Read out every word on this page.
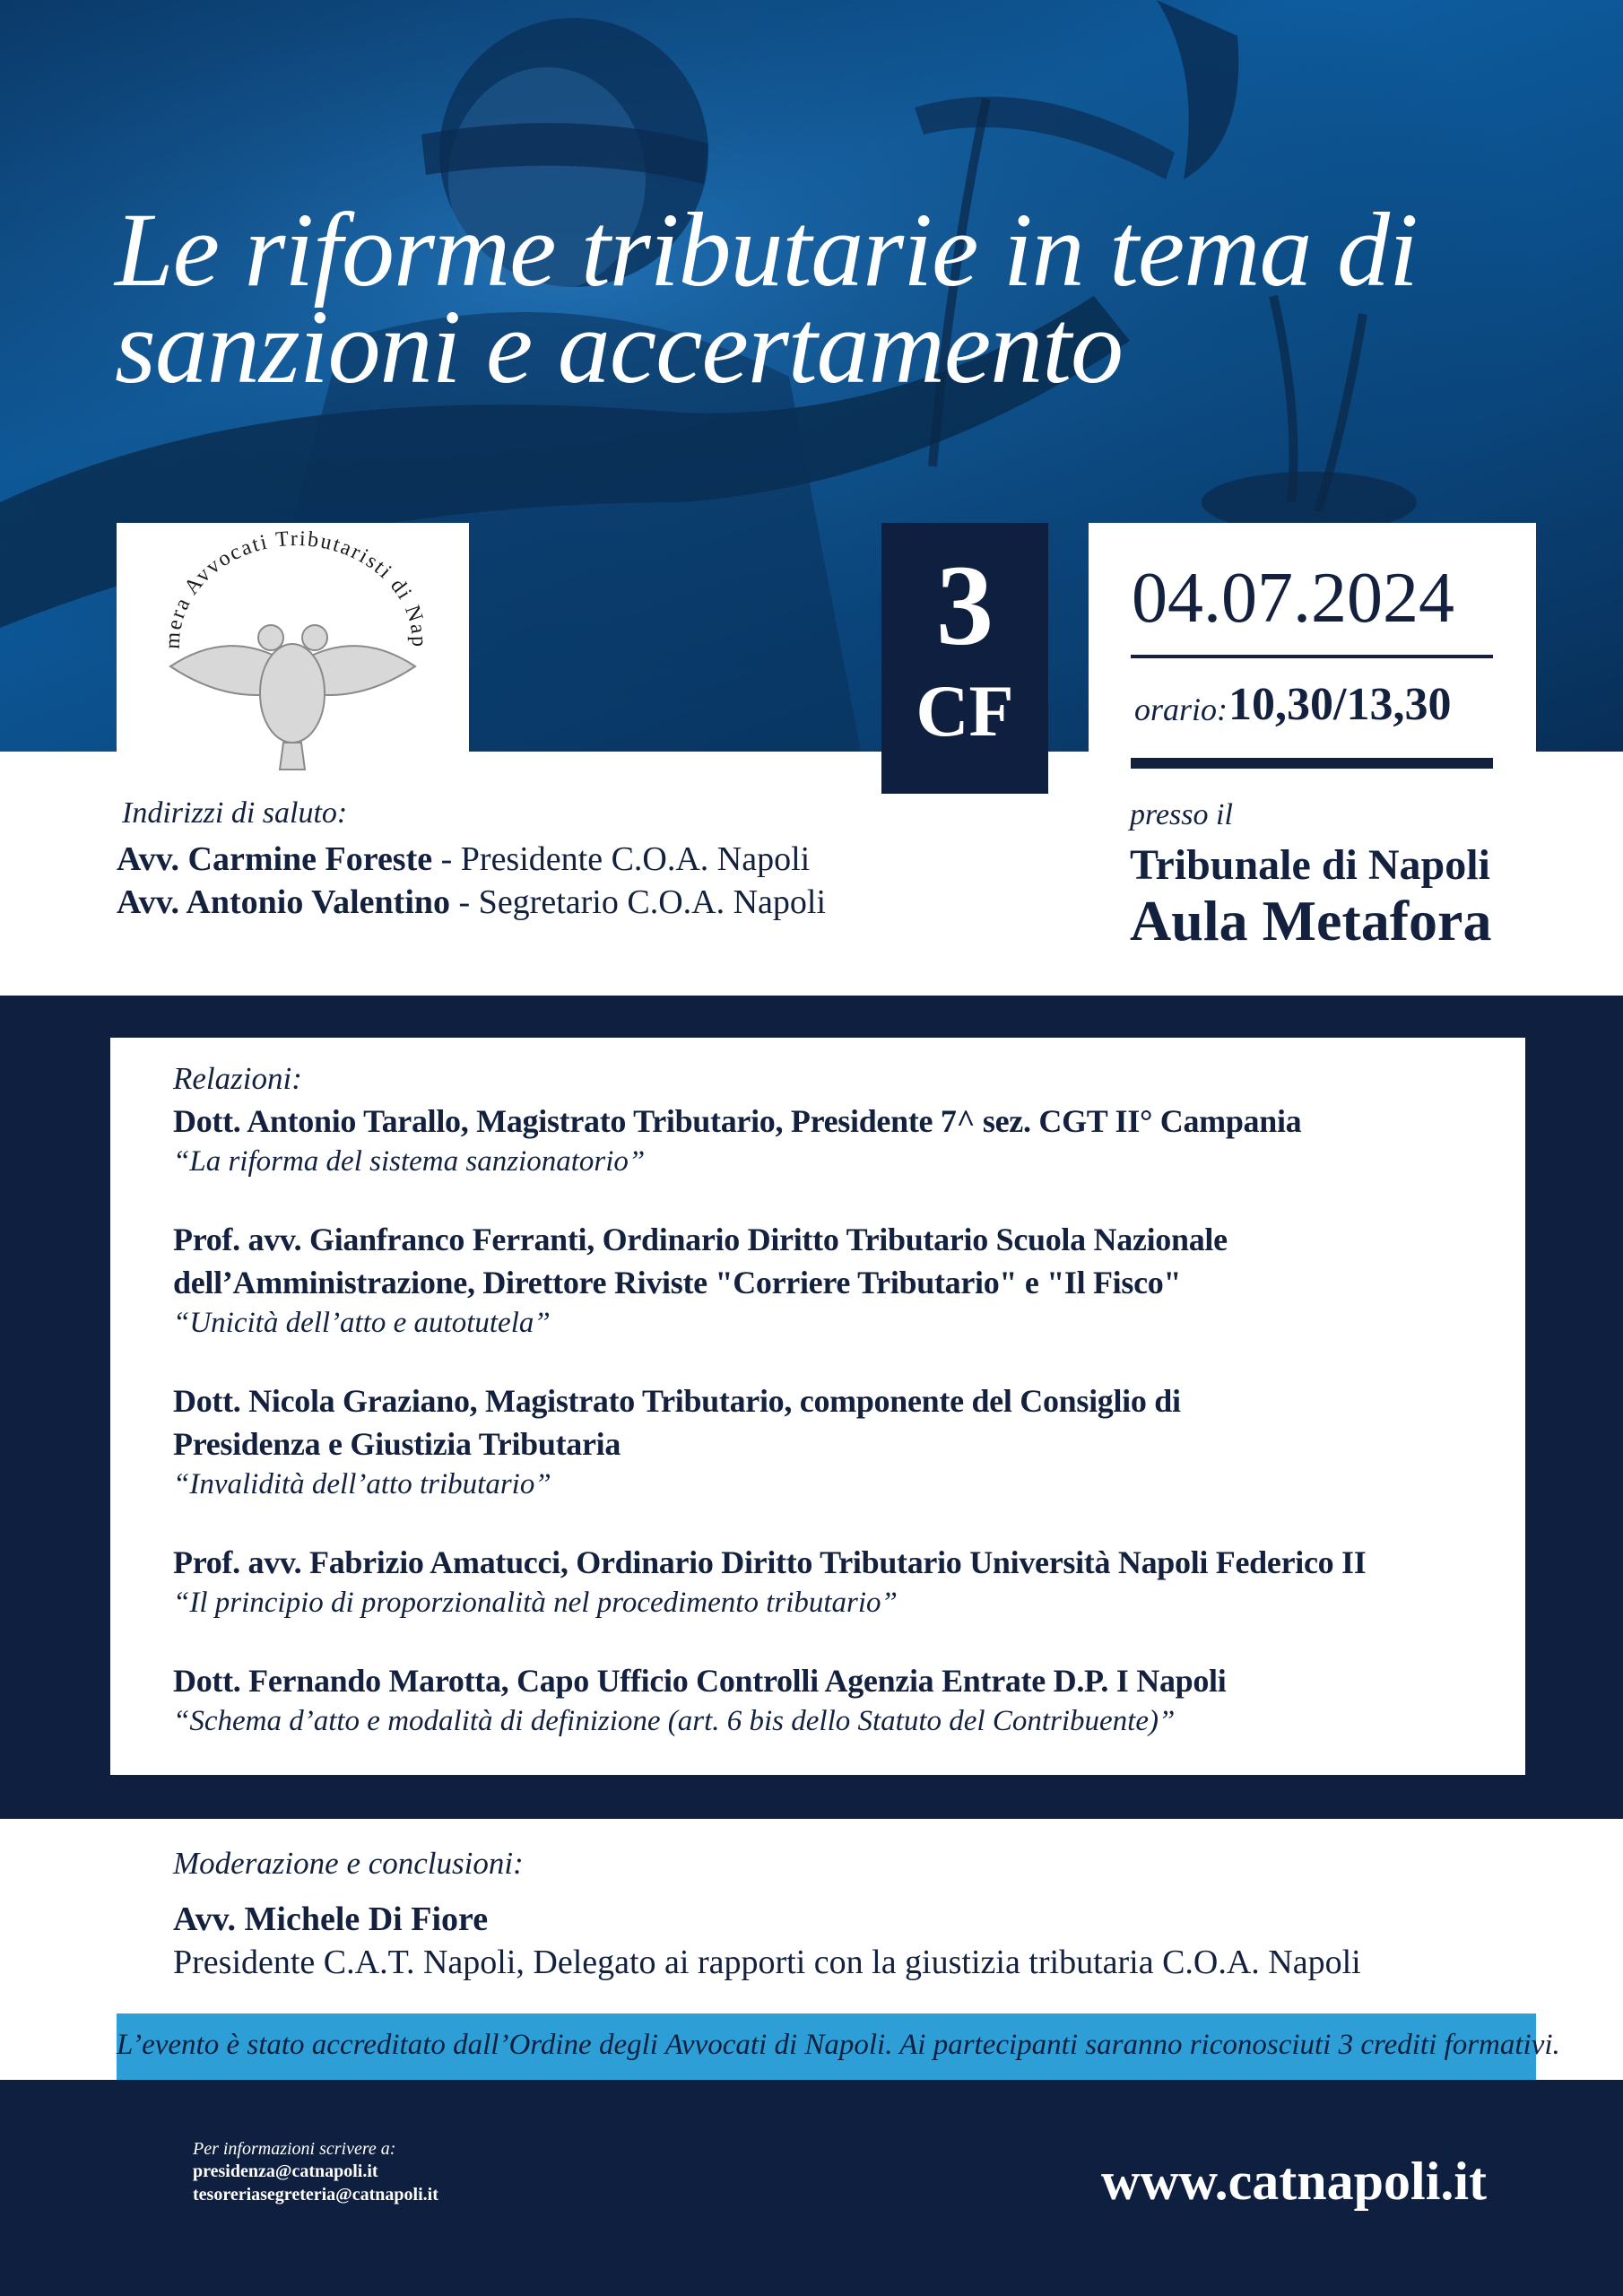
Le riforme tributarie in tema di
sanzioni e accertamento
mera Avvocati Tributaristi di Nap	3
CF
04.07.2024
orario: 10,30/13,30
Indirizzi di saluto:
Avv. Carmine Foreste - Presidente C.O.A. Napoli
Avv. Antonio Valentino - Segretario C.O.A. Napoli
presso il
Tribunale di Napoli
Aula Metafora
Relazioni:
Dott. Antonio Tarallo, Magistrato Tributario, Presidente 7^ sez. CGT II° Campania
“La riforma del sistema sanzionatorio”
Prof. avv. Gianfranco Ferranti, Ordinario Diritto Tributario Scuola Nazionale
dell’Amministrazione, Direttore Riviste "Corriere Tributario" e "Il Fisco"
“Unicità dell’atto e autotutela”
Dott. Nicola Graziano, Magistrato Tributario, componente del Consiglio di
Presidenza e Giustizia Tributaria
“Invalidità dell’atto tributario”
Prof. avv. Fabrizio Amatucci, Ordinario Diritto Tributario Università Napoli Federico II
“Il principio di proporzionalità nel procedimento tributario”
Dott. Fernando Marotta, Capo Ufficio Controlli Agenzia Entrate D.P. I Napoli
“Schema d’atto e modalità di definizione (art. 6 bis dello Statuto del Contribuente)”
Moderazione e conclusioni:
Avv. Michele Di Fiore
Presidente C.A.T. Napoli, Delegato ai rapporti con la giustizia tributaria C.O.A. Napoli
L’evento è stato accreditato dall’Ordine degli Avvocati di Napoli. Ai partecipanti saranno riconosciuti 3 crediti formativi.
Per informazioni scrivere a:
presidenza@catnapoli.it
tesoreriasegreteria@catnapoli.it	www.catnapoli.it
